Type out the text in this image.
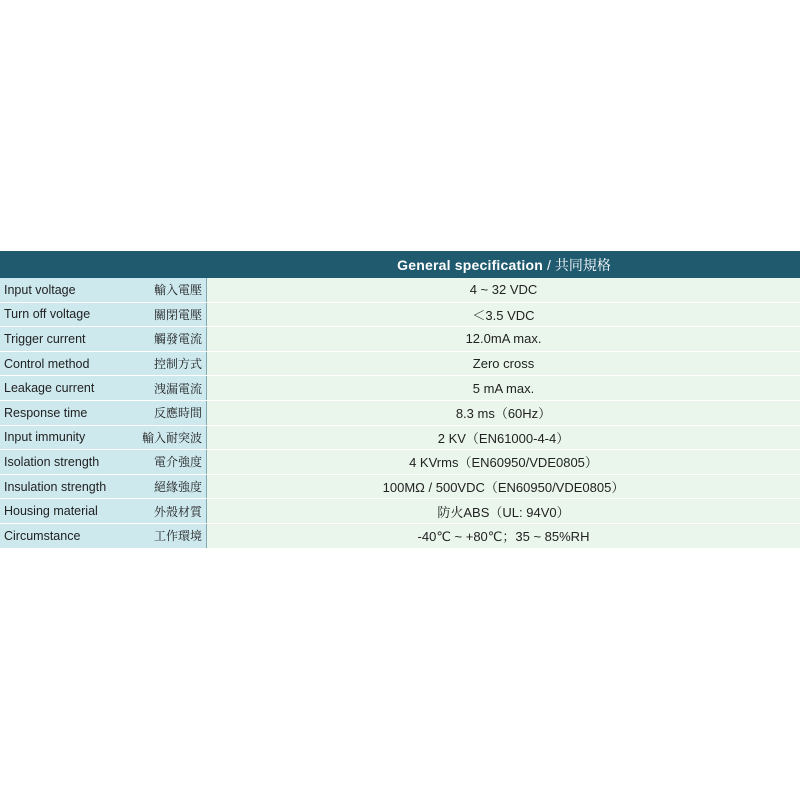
General specification / 共同規格
Input voltage	輸入電壓	4 ~ 32 VDC
Turn off voltage	關閉電壓	＜3.5 VDC
Trigger current	觸發電流	12.0mA max.
Control method	控制方式	Zero cross
Leakage current	洩漏電流	5 mA max.
Response time	反應時間	8.3 ms（60Hz）
Input immunity	輸入耐突波	2 KV（EN61000-4-4）
Isolation strength	電介強度	4 KVrms（EN60950/VDE0805）
Insulation strength	絕緣強度	100MΩ / 500VDC（EN60950/VDE0805）
Housing material	外殼材質	防火ABS（UL: 94V0）
Circumstance	工作環境	-40℃ ~ +80℃；35 ~ 85%RH
